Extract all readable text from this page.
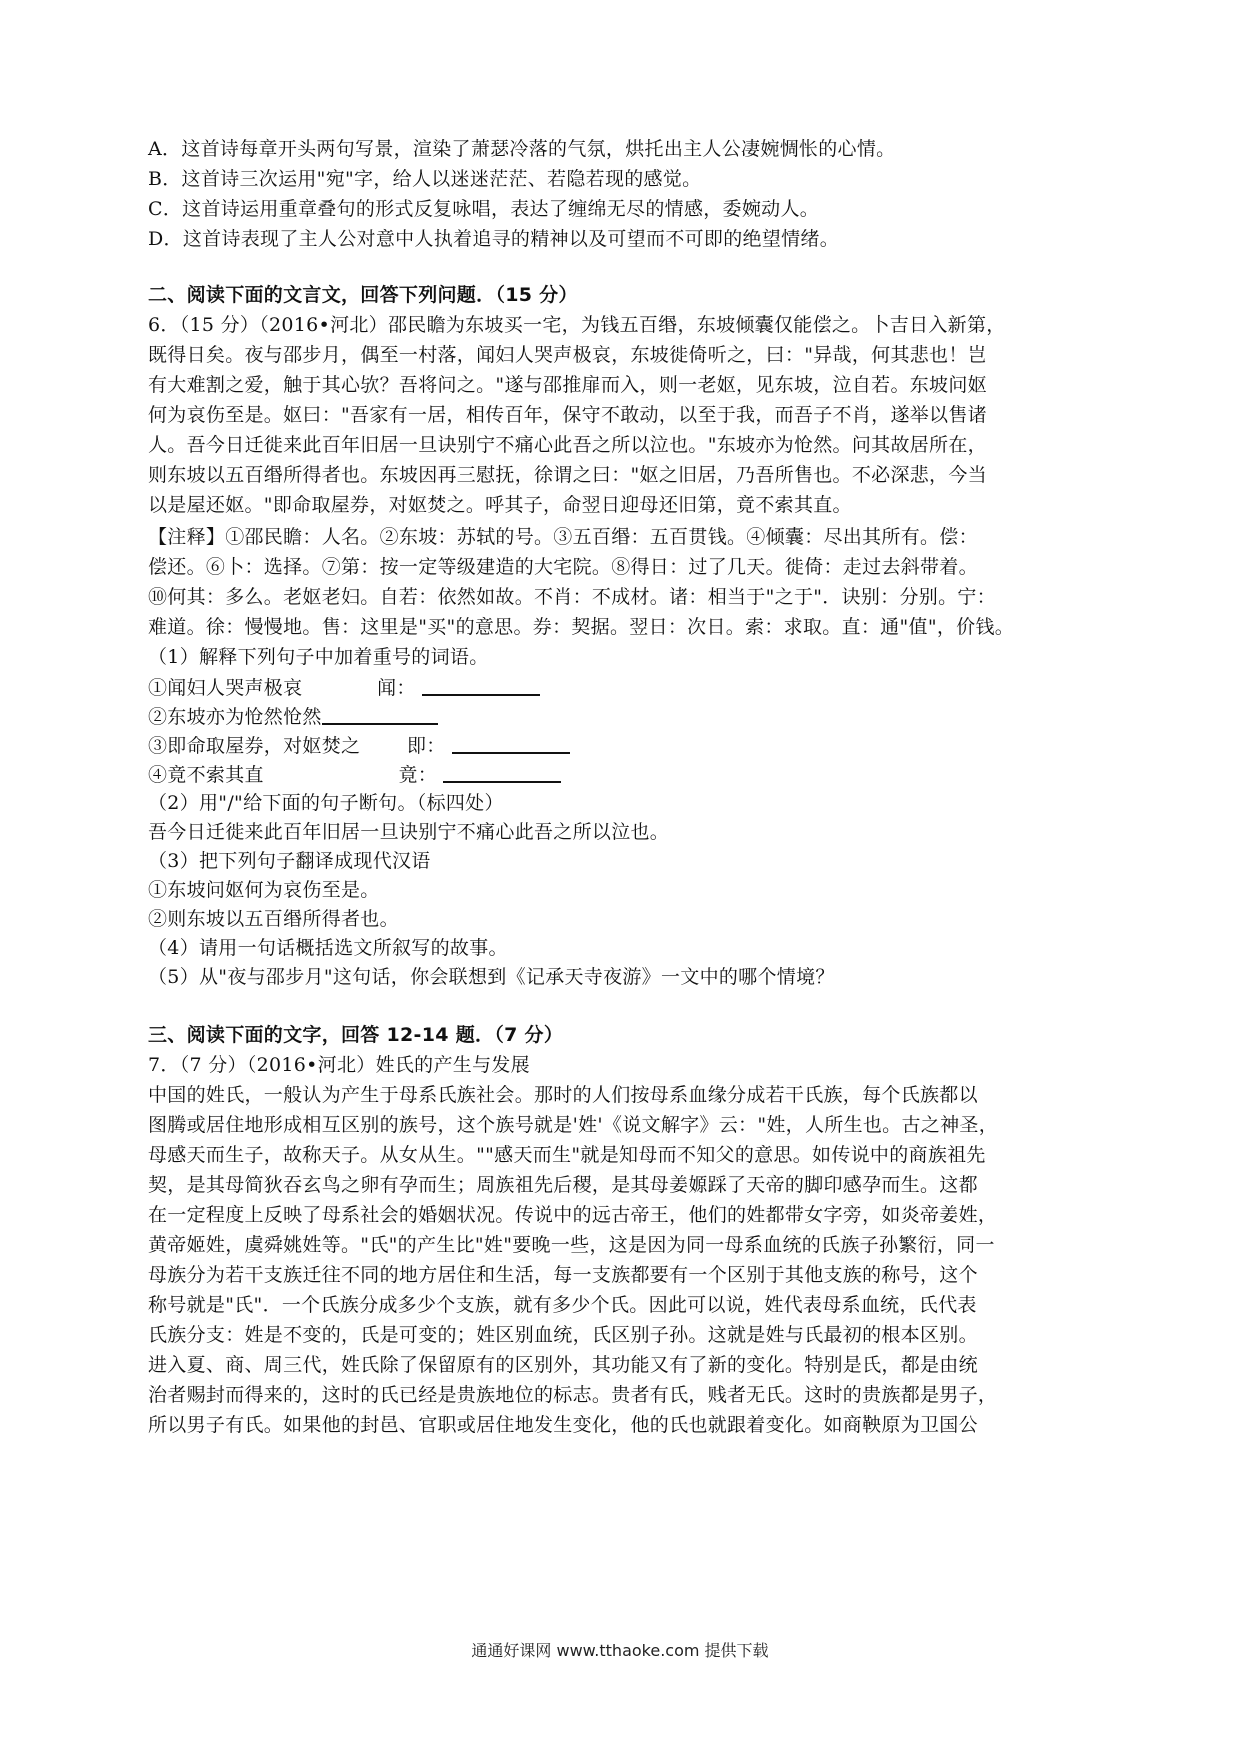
A．这首诗每章开头两句写景，渲染了萧瑟冷落的气氛，烘托出主人公凄婉惆怅的心情。
B．这首诗三次运用"宛"字，给人以迷迷茫茫、若隐若现的感觉。
C．这首诗运用重章叠句的形式反复咏唱，表达了缠绵无尽的情感，委婉动人。
D．这首诗表现了主人公对意中人执着追寻的精神以及可望而不可即的绝望情绪。
二、阅读下面的文言文，回答下列问题．（15 分）
6．（15 分）（2016•河北）邵民瞻为东坡买一宅，为钱五百缗，东坡倾囊仅能偿之。卜吉日入新第，
既得日矣。夜与邵步月，偶至一村落，闻妇人哭声极哀，东坡徙倚听之，曰："异哉，何其悲也！岂
有大难割之爱，触于其心欤？吾将问之。"遂与邵推扉而入，则一老妪，见东坡，泣自若。东坡问妪
何为哀伤至是。妪曰："吾家有一居，相传百年，保守不敢动，以至于我，而吾子不肖，遂举以售诸
人。吾今日迁徙来此百年旧居一旦诀别宁不痛心此吾之所以泣也。"东坡亦为怆然。问其故居所在，
则东坡以五百缗所得者也。东坡因再三慰抚，徐谓之曰："妪之旧居，乃吾所售也。不必深悲，今当
以是屋还妪。"即命取屋券，对妪焚之。呼其子，命翌日迎母还旧第，竟不索其直。
【注释】①邵民瞻：人名。②东坡：苏轼的号。③五百缗：五百贯钱。④倾囊：尽出其所有。偿：
偿还。⑥卜：选择。⑦第：按一定等级建造的大宅院。⑧得日：过了几天。徙倚：走过去斜带着。
⑩何其：多么。老妪老妇。自若：依然如故。不肖：不成材。诸：相当于"之于"．诀别：分别。宁：
难道。徐：慢慢地。售：这里是"买"的意思。券：契据。翌日：次日。索：求取。直：通"值"，价钱。
（1）解释下列句子中加着重号的词语。
①闻妇人哭声极哀	闻：
②东坡亦为怆然怆然
③即命取屋券，对妪焚之 即：
④竟不索其直	竟：
（2）用"/"给下面的句子断句。（标四处）
吾今日迁徙来此百年旧居一旦诀别宁不痛心此吾之所以泣也。
（3）把下列句子翻译成现代汉语
①东坡问妪何为哀伤至是。
②则东坡以五百缗所得者也。
（4）请用一句话概括选文所叙写的故事。
（5）从"夜与邵步月"这句话，你会联想到《记承天寺夜游》一文中的哪个情境？
三、阅读下面的文字，回答 12-14 题．（7 分）
7．（7 分）（2016•河北）姓氏的产生与发展
中国的姓氏，一般认为产生于母系氏族社会。那时的人们按母系血缘分成若干氏族，每个氏族都以
图腾或居住地形成相互区别的族号，这个族号就是'姓'《说文解字》云："姓，人所生也。古之神圣，
母感天而生子，故称天子。从女从生。""感天而生"就是知母而不知父的意思。如传说中的商族祖先
契，是其母简狄吞玄鸟之卵有孕而生；周族祖先后稷，是其母姜嫄踩了天帝的脚印感孕而生。这都
在一定程度上反映了母系社会的婚姻状况。传说中的远古帝王，他们的姓都带女字旁，如炎帝姜姓，
黄帝姬姓，虞舜姚姓等。"氏"的产生比"姓"要晚一些，这是因为同一母系血统的氏族子孙繁衍，同一
母族分为若干支族迁往不同的地方居住和生活，每一支族都要有一个区别于其他支族的称号，这个
称号就是"氏"．一个氏族分成多少个支族，就有多少个氏。因此可以说，姓代表母系血统，氏代表
氏族分支：姓是不变的，氏是可变的；姓区别血统，氏区别子孙。这就是姓与氏最初的根本区别。
进入夏、商、周三代，姓氏除了保留原有的区别外，其功能又有了新的变化。特别是氏，都是由统
治者赐封而得来的，这时的氏已经是贵族地位的标志。贵者有氏，贱者无氏。这时的贵族都是男子，
所以男子有氏。如果他的封邑、官职或居住地发生变化，他的氏也就跟着变化。如商鞅原为卫国公
通通好课网 www.tthaoke.com 提供下载
